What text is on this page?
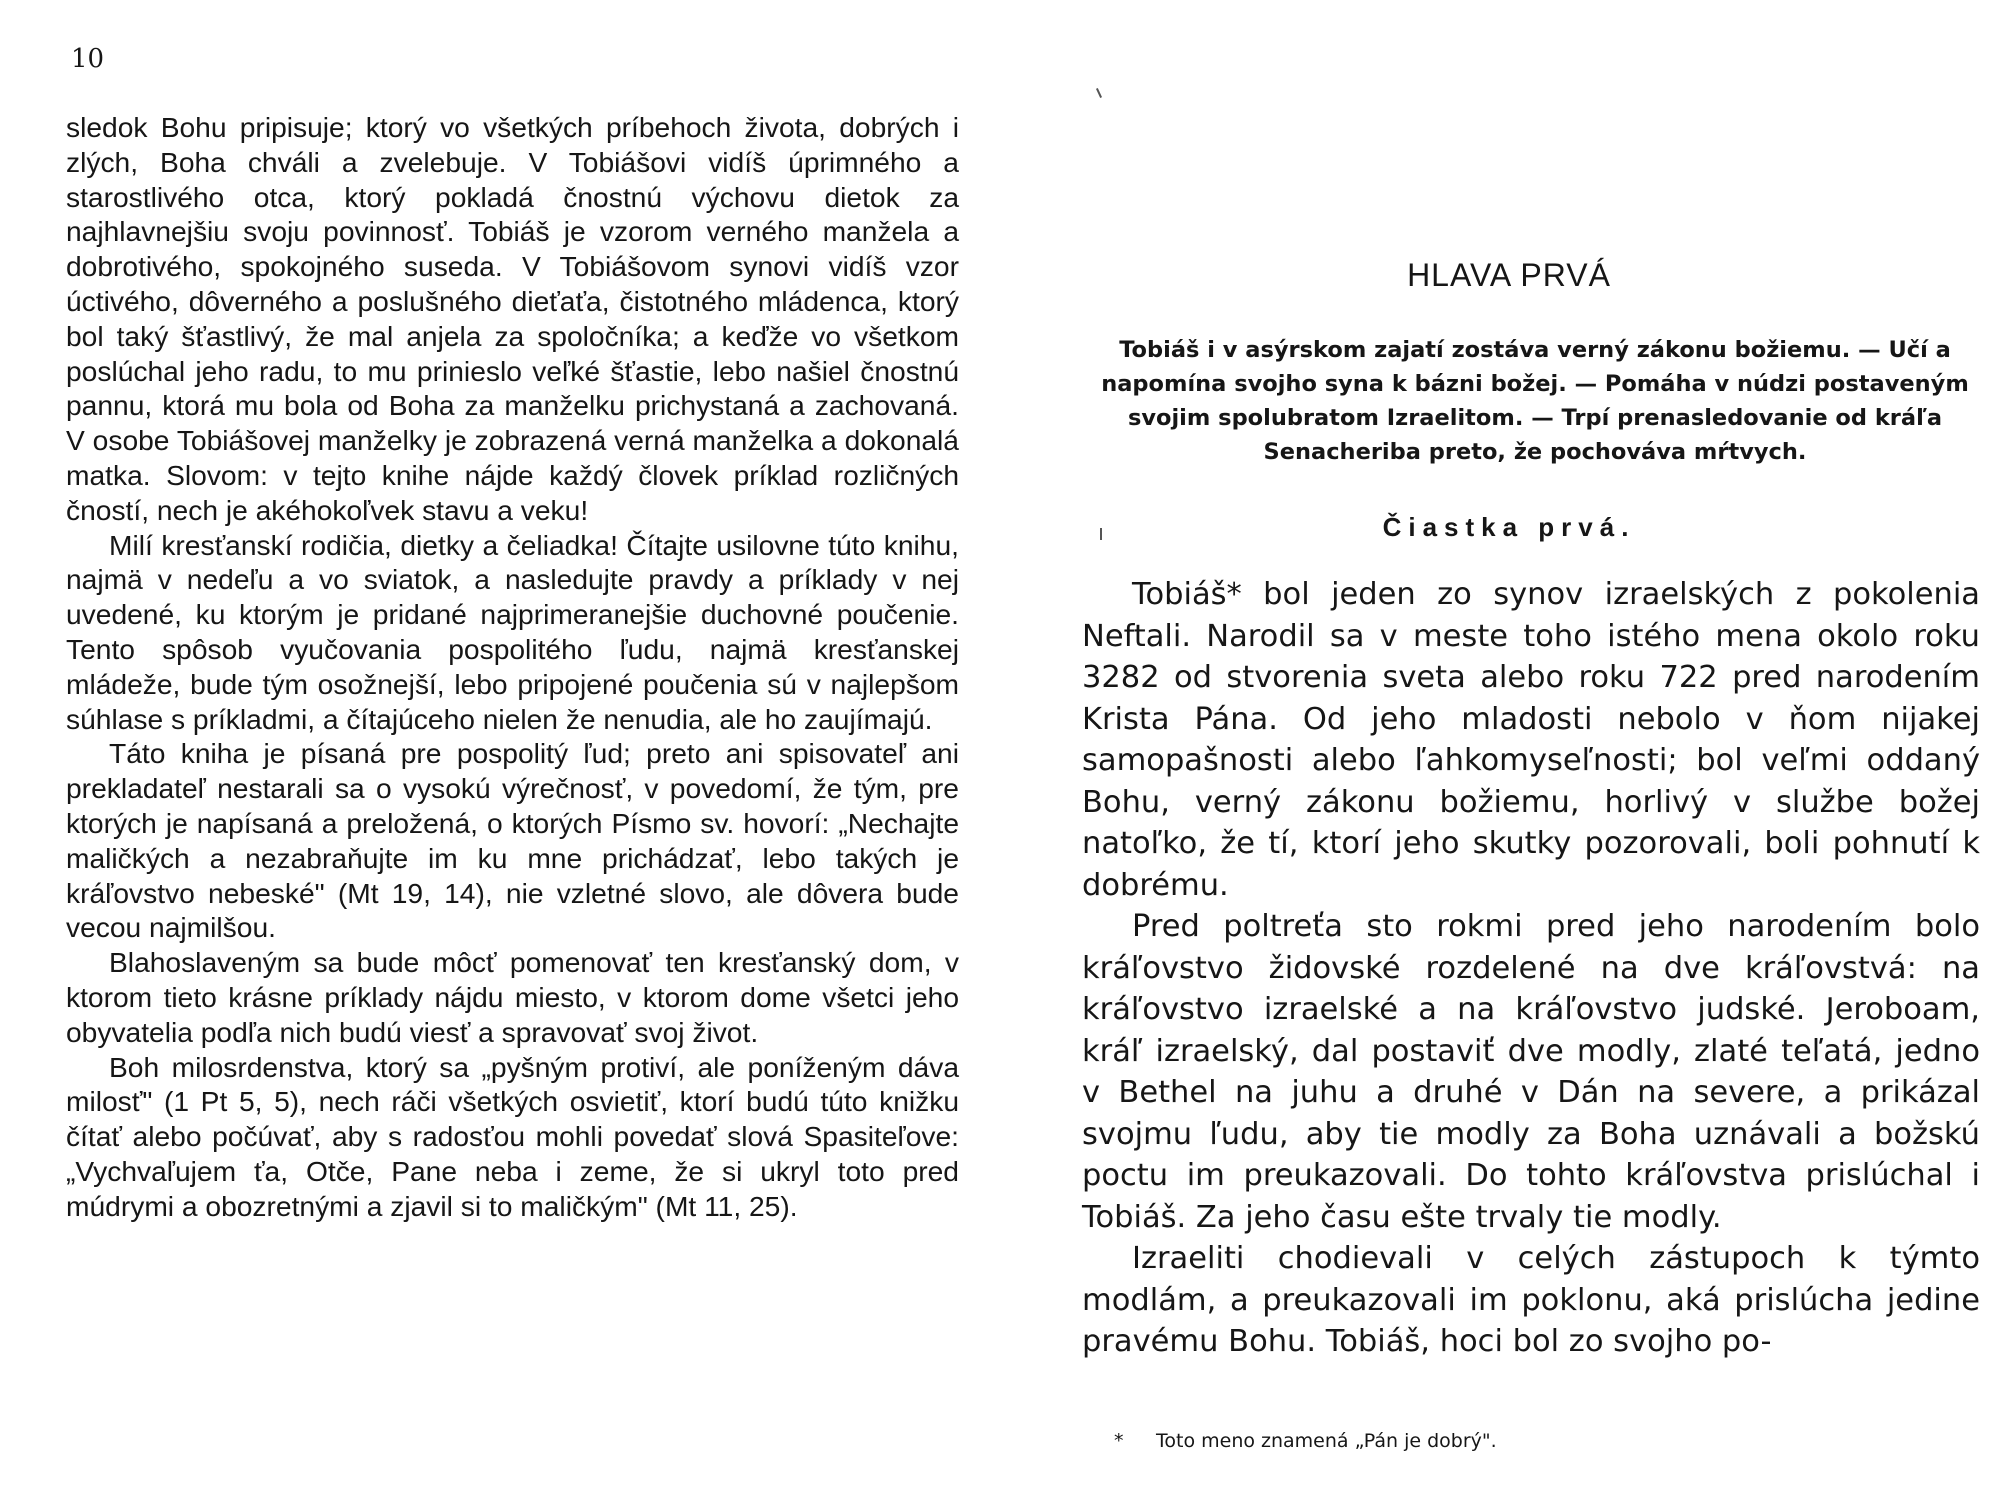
10

sledok Bohu pripisuje; ktorý vo všetkých príbehoch života, dobrých i zlých, Boha chváli a zvelebuje. V Tobiášovi vidíš úprimného a starostlivého otca, ktorý pokladá čnostnú výchovu dietok za najhlavnejšiu svoju povinnosť. Tobiáš je vzorom verného manžela a dobrotivého, spokojného suseda. V Tobiášovom synovi vidíš vzor úctivého, dôverného a poslušného dieťaťa, čistotného mládenca, ktorý bol taký šťastlivý, že mal anjela za spoločníka; a keďže vo všetkom poslúchal jeho radu, to mu prinieslo veľké šťastie, lebo našiel čnostnú pannu, ktorá mu bola od Boha za manželku prichystaná a zachovaná. V osobe Tobiášovej manželky je zobrazená verná manželka a dokonalá matka. Slovom: v tejto knihe nájde každý človek príklad rozličných čností, nech je akéhokoľvek stavu a veku!

Milí kresťanskí rodičia, dietky a čeliadka! Čítajte usilovne túto knihu, najmä v nedeľu a vo sviatok, a nasledujte pravdy a príklady v nej uvedené, ku ktorým je pridané najprimeranejšie duchovné poučenie. Tento spôsob vyučovania pospolitého ľudu, najmä kresťanskej mládeže, bude tým osožnejší, lebo pripojené poučenia sú v najlepšom súhlase s príkladmi, a čítajúceho nielen že nenudia, ale ho zaujímajú.

Táto kniha je písaná pre pospolitý ľud; preto ani spisovateľ ani prekladateľ nestarali sa o vysokú výrečnosť, v povedomí, že tým, pre ktorých je napísaná a preložená, o ktorých Písmo sv. hovorí: „Nechajte maličkých a nezabraňujte im ku mne prichádzať, lebo takých je kráľovstvo nebeské" (Mt 19, 14), nie vzletné slovo, ale dôvera bude vecou najmilšou.

Blahoslaveným sa bude môcť pomenovať ten kresťanský dom, v ktorom tieto krásne príklady nájdu miesto, v ktorom dome všetci jeho obyvatelia podľa nich budú viesť a spravovať svoj život.

Boh milosrdenstva, ktorý sa „pyšným protiví, ale poníženým dáva milosť" (1 Pt 5, 5), nech ráči všetkých osvietiť, ktorí budú túto knižku čítať alebo počúvať, aby s radosťou mohli povedať slová Spasiteľove: „Vychvaľujem ťa, Otče, Pane neba i zeme, že si ukryl toto pred múdrymi a obozretnými a zjavil si to maličkým" (Mt 11, 25).

HLAVA PRVÁ

Tobiáš i v asýrskom zajatí zostáva verný zákonu božiemu. — Učí a napomína svojho syna k bázni božej. — Pomáha v núdzi postaveným svojim spolubratom Izraelitom. — Trpí prenasledovanie od kráľa Senacheriba preto, že pochováva mŕtvych.

Čiastka prvá.

Tobiáš* bol jeden zo synov izraelských z pokolenia Neftali. Narodil sa v meste toho istého mena okolo roku 3282 od stvorenia sveta alebo roku 722 pred narodením Krista Pána. Od jeho mladosti nebolo v ňom nijakej samopašnosti alebo ľahkomyseľnosti; bol veľmi oddaný Bohu, verný zákonu božiemu, horlivý v službe božej natoľko, že tí, ktorí jeho skutky pozorovali, boli pohnutí k dobrému.

Pred poltreťa sto rokmi pred jeho narodením bolo kráľovstvo židovské rozdelené na dve kráľovstvá: na kráľovstvo izraelské a na kráľovstvo judské. Jeroboam, kráľ izraelský, dal postaviť dve modly, zlaté teľatá, jedno v Bethel na juhu a druhé v Dán na severe, a prikázal svojmu ľudu, aby tie modly za Boha uznávali a božskú poctu im preukazovali. Do tohto kráľovstva prislúchal i Tobiáš. Za jeho času ešte trvaly tie modly.

Izraeliti chodievali v celých zástupoch k týmto modlám, a preukazovali im poklonu, aká prislúcha jedine pravému Bohu. Tobiáš, hoci bol zo svojho po-

* Toto meno znamená „Pán je dobrý".
